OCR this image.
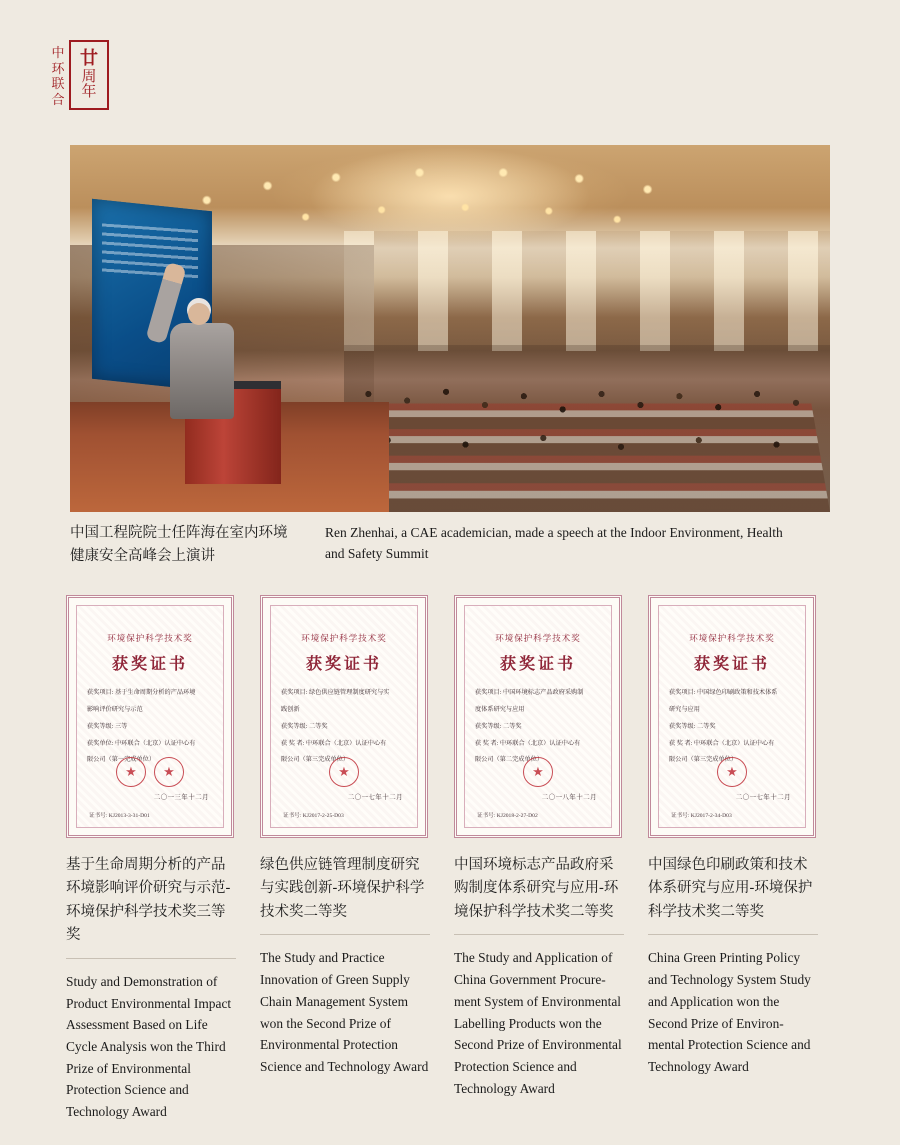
中
环
联
合
廿
周
年
中国工程院院士任阵海在室内环境健康安全高峰会上演讲
Ren Zhenhai, a CAE academician, made a speech at the Indoor Environment, Health and Safety Summit
环境保护科学技术奖
获奖证书

获奖项目: 基于生命周期分析的产品环境

影响评价研究与示范

获奖等级: 三等

获奖单位: 中环联合（北京）认证中心有

限公司（第一完成单位）

★	★
二〇一三年十二月
证书号: KJ2013-3-31-D01
基于生命周期分析的产品环境影响评价研究与示范-环境保护科学技术奖三等奖
Study and Demonstration of Product Environmental Impact Assessment Based on Life Cycle Analysis won the Third Prize of Environmental Protection Science and Technology Award
环境保护科学技术奖
获奖证书

获奖项目: 绿色供应链管理制度研究与实

践创新

获奖等级: 二等奖

获 奖 者: 中环联合（北京）认证中心有

限公司（第三完成单位）

★
二〇一七年十二月
证书号: KJ2017-2-25-D03
绿色供应链管理制度研究与实践创新-环境保护科学技术奖二等奖
The Study and Practice Innovation of Green Supply Chain Management System won the Second Prize of Environmental Protection Science and Technology Award
环境保护科学技术奖
获奖证书

获奖项目: 中国环境标志产品政府采购制

度体系研究与应用

获奖等级: 二等奖

获 奖 者: 中环联合（北京）认证中心有

限公司（第二完成单位）

★
二〇一八年十二月
证书号: KJ2018-2-27-D02
中国环境标志产品政府采购制度体系研究与应用-环境保护科学技术奖二等奖
The Study and Application of China Government Procure-ment System of Environmental Labelling Products won the Second Prize of Environmental Protection Science and Technology Award
环境保护科学技术奖
获奖证书

获奖项目: 中国绿色印刷政策和技术体系

研究与应用

获奖等级: 二等奖

获 奖 者: 中环联合（北京）认证中心有

限公司（第三完成单位）

★
二〇一七年十二月
证书号: KJ2017-2-34-D03
中国绿色印刷政策和技术体系研究与应用-环境保护科学技术奖二等奖
China Green Printing Policy and Technology System Study and Application won the Second Prize of Environ-mental Protection Science and Technology Award
